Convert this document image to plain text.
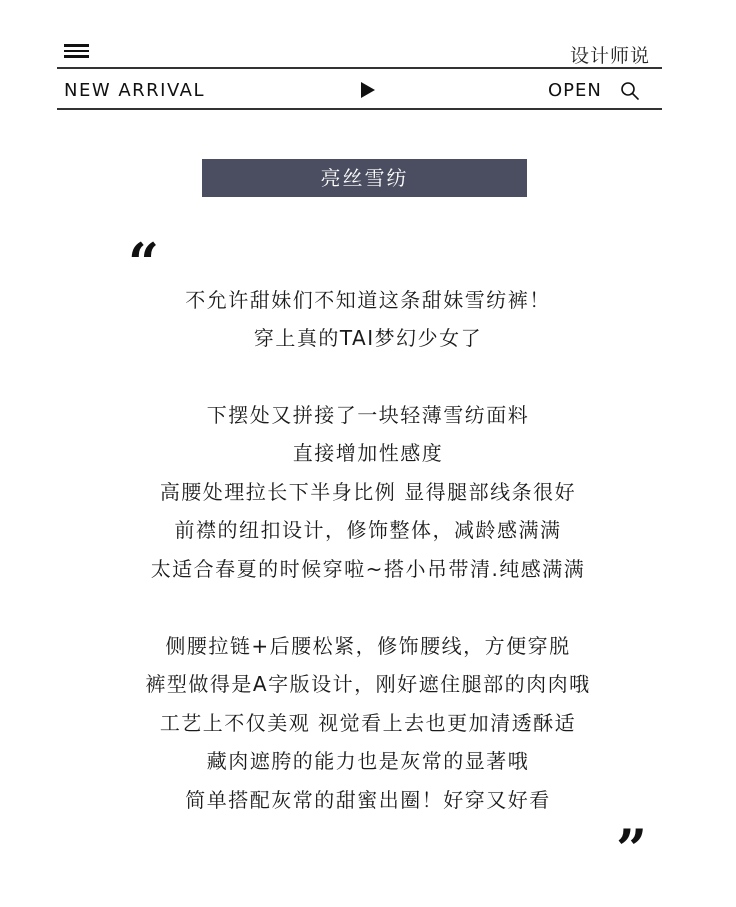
设计师说
NEW ARRIVAL	OPEN
亮丝雪纺
“
不允许甜妹们不知道这条甜妹雪纺裤！
穿上真的TAI梦幻少女了
下摆处又拼接了一块轻薄雪纺面料
直接增加性感度
高腰处理拉长下半身比例 显得腿部线条很好
前襟的纽扣设计，修饰整体，减龄感满满
太适合春夏的时候穿啦~搭小吊带清.纯感满满
侧腰拉链+后腰松紧，修饰腰线，方便穿脱
裤型做得是A字版设计，刚好遮住腿部的肉肉哦
工艺上不仅美观 视觉看上去也更加清透酥适
藏肉遮胯的能力也是灰常的显著哦
简单搭配灰常的甜蜜出圈！好穿又好看
”
